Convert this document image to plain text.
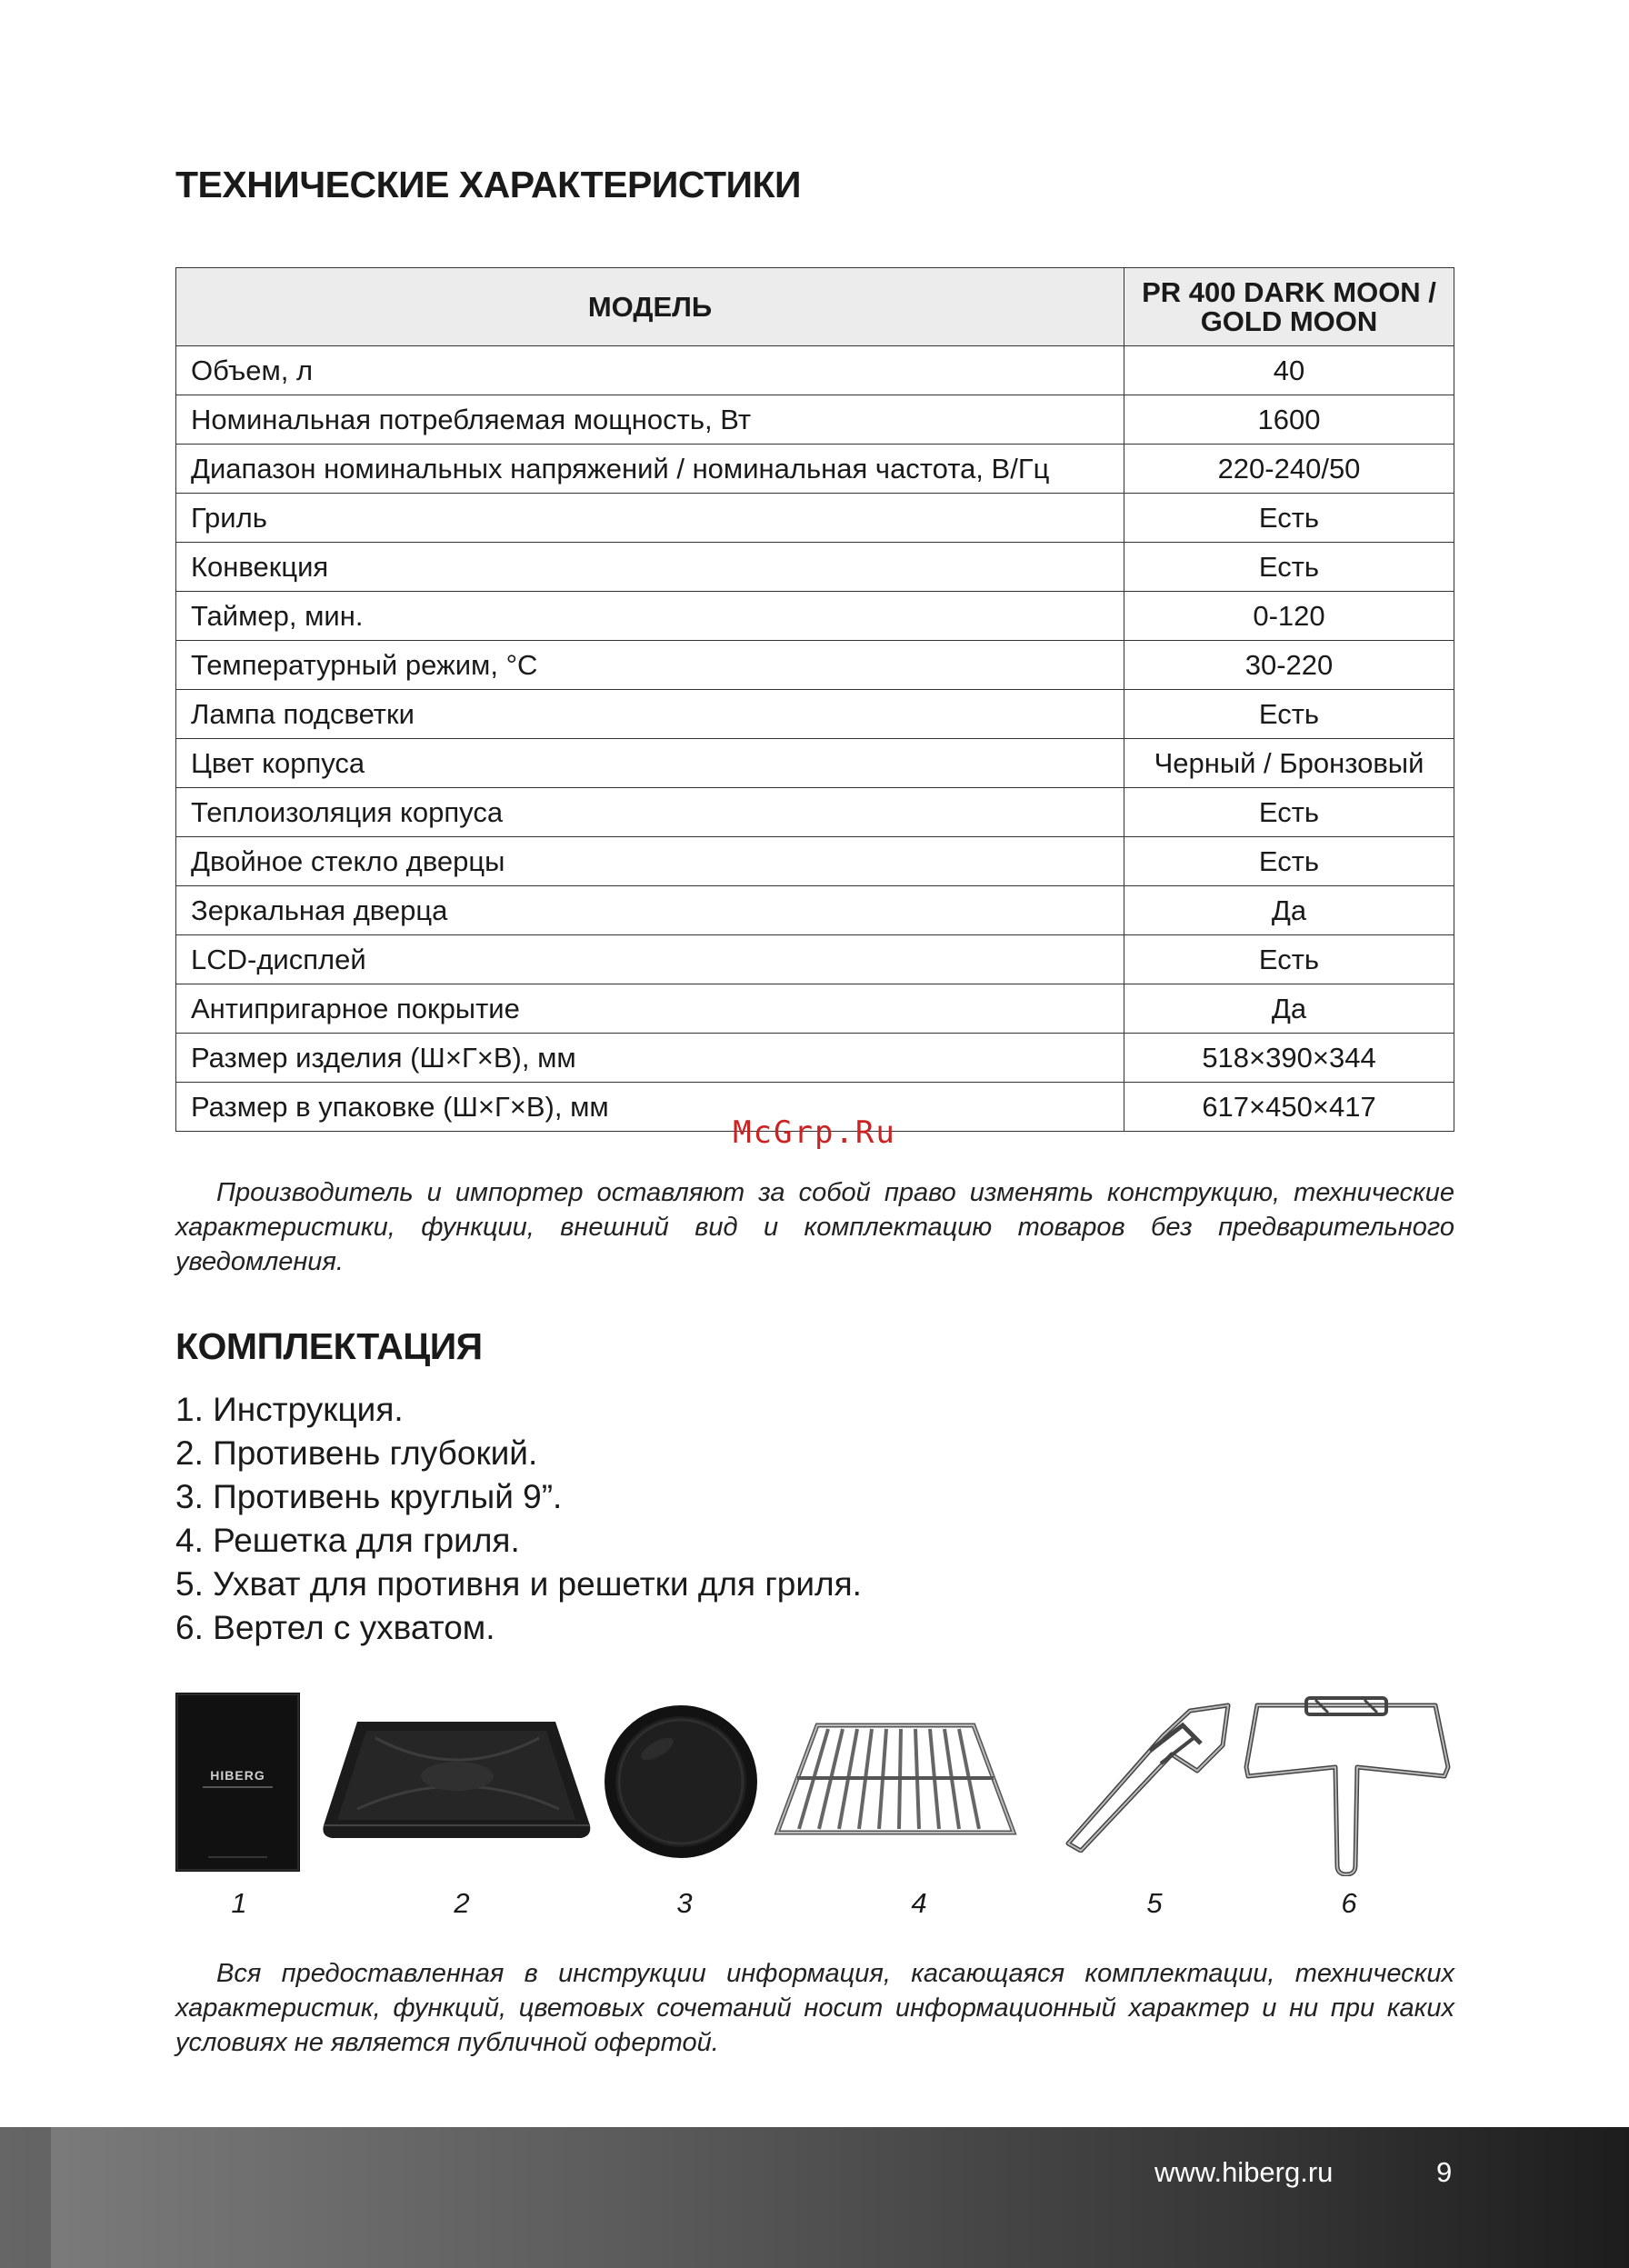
ТЕХНИЧЕСКИЕ ХАРАКТЕРИСТИКИ
МОДЕЛЬ	PR 400 DARK MOON /
GOLD MOON
Объем, л	40
Номинальная потребляемая мощность, Вт	1600
Диапазон номинальных напряжений / номинальная частота, В/Гц	220-240/50
Гриль	Есть
Конвекция	Есть
Таймер, мин.	0-120
Температурный режим, °С	30-220
Лампа подсветки	Есть
Цвет корпуса	Черный / Бронзовый
Теплоизоляция корпуса	Есть
Двойное стекло дверцы	Есть
Зеркальная дверца	Да
LCD-дисплей	Есть
Антипригарное покрытие	Да
Размер изделия (Ш×Г×В), мм	518×390×344
Размер в упаковке (Ш×Г×В), мм	617×450×417
McGrp.Ru

Производитель и импортер оставляют за собой право изменять конструкцию, технические характеристики, функции, внешний вид и комплектацию товаров без предварительного уведомления.

КОМПЛЕКТАЦИЯ
1. Инструкция.
2. Противень глубокий.
3. Противень круглый 9”.
4. Решетка для гриля.
5. Ухват для противня и решетки для гриля.
6. Вертел с ухватом.
HIBERG
1	2	3	4	5	6

Вся предоставленная в инструкции информация, касающаяся комплектации, технических характеристик, функций, цветовых сочетаний носит информационный характер и ни при каких условиях не является публичной офертой.

www.hiberg.ru	9
